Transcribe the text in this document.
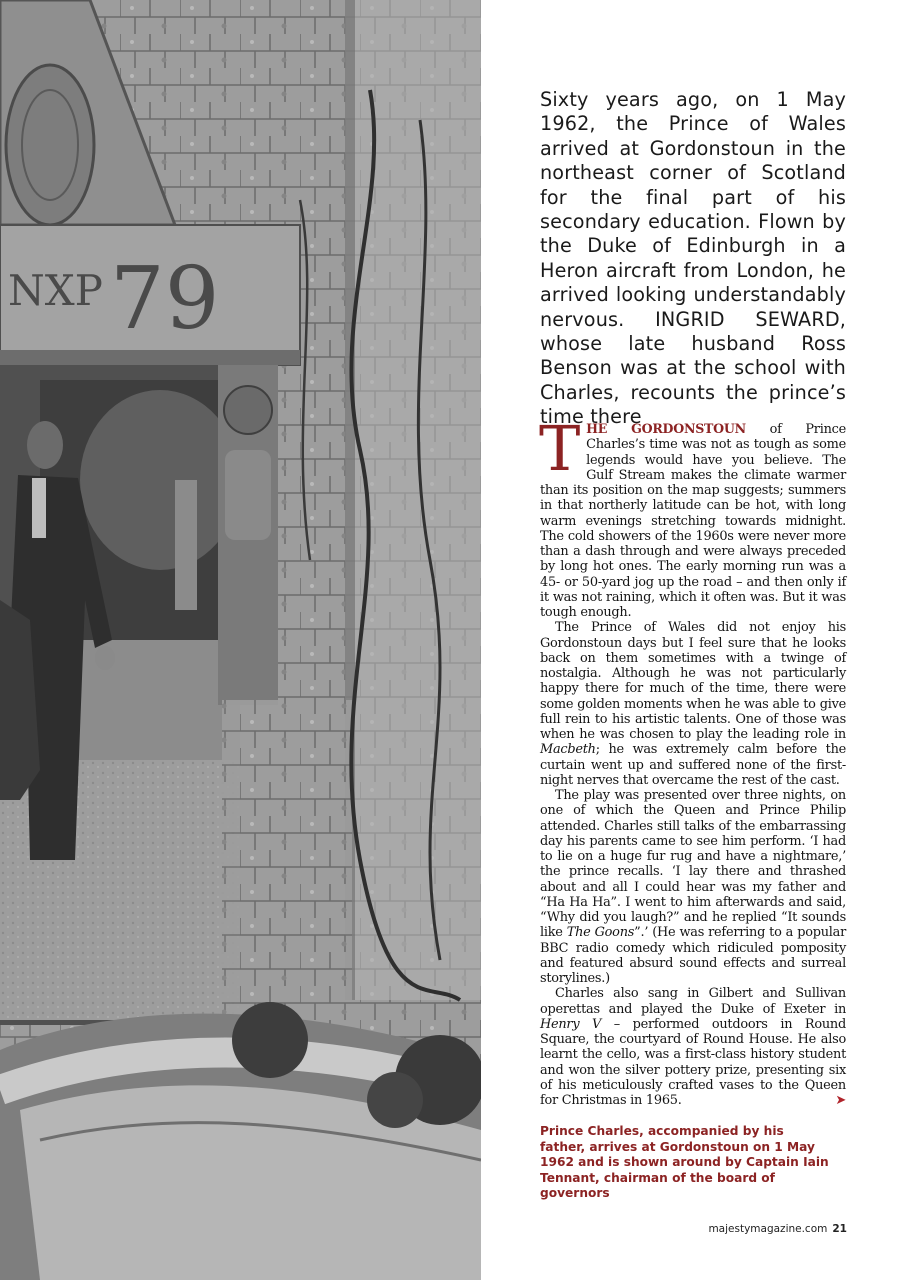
NXP 79

Sixty years ago, on 1 May 1962, the Prince of Wales arrived at Gordonstoun in the northeast corner of Scotland for the final part of his secondary education. Flown by the Duke of Edinburgh in a Heron aircraft from London, he arrived looking understandably nervous. INGRID SEWARD, whose late husband Ross Benson was at the school with Charles, recounts the prince’s time there

THE GORDONSTOUN of Prince Charles’s time was not as tough as some legends would have you believe. The Gulf Stream makes the climate warmer than its position on the map suggests; summers in that northerly latitude can be hot, with long warm evenings stretching towards midnight. The cold showers of the 1960s were never more than a dash through and were always preceded by long hot ones. The early morning run was a 45- or 50-yard jog up the road – and then only if it was not raining, which it often was. But it was tough enough.

The Prince of Wales did not enjoy his Gordonstoun days but I feel sure that he looks back on them sometimes with a twinge of nostalgia. Although he was not particularly happy there for much of the time, there were some golden moments when he was able to give full rein to his artistic talents. One of those was when he was chosen to play the leading role in Macbeth; he was extremely calm before the curtain went up and suffered none of the first-night nerves that overcame the rest of the cast.

The play was presented over three nights, on one of which the Queen and Prince Philip attended. Charles still talks of the embarrassing day his parents came to see him perform. ‘I had to lie on a huge fur rug and have a nightmare,’ the prince recalls. ‘I lay there and thrashed about and all I could hear was my father and “Ha Ha Ha”. I went to him afterwards and said, “Why did you laugh?” and he replied “It sounds like The Goons”.’ (He was referring to a popular BBC radio comedy which ridiculed pomposity and featured absurd sound effects and surreal storylines.)

Charles also sang in Gilbert and Sullivan operettas and played the Duke of Exeter in Henry V – performed outdoors in Round Square, the courtyard of Round House. He also learnt the cello, was a first-class history student and won the silver pottery prize, presenting six of his meticulously crafted vases to the Queen for Christmas in 1965.	➤

Prince Charles, accompanied by his father, arrives at Gordonstoun on 1 May 1962 and is shown around by Captain Iain Tennant, chairman of the board of governors

majestymagazine.com 21
